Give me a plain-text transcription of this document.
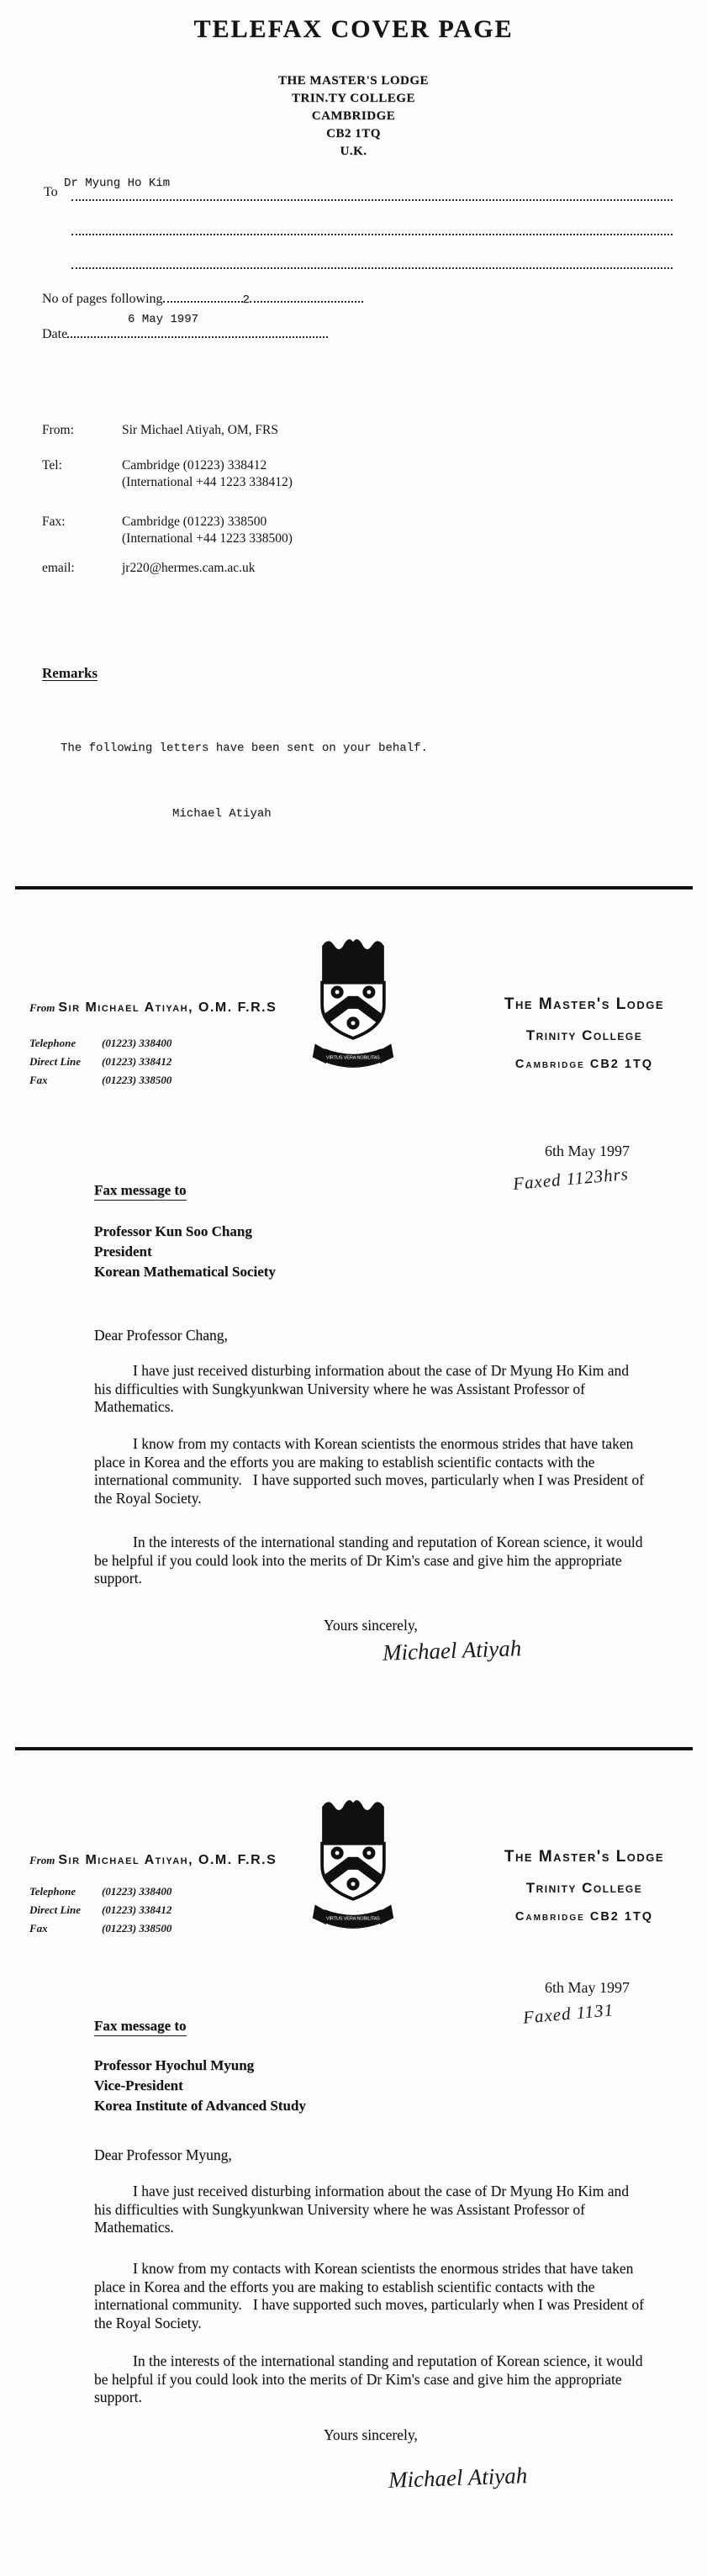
TELEFAX COVER PAGE
THE MASTER'S LODGE
TRIN.TY COLLEGE
CAMBRIDGE
CB2 1TQ
U.K.
To
Dr Myung Ho Kim
No of pages following	2
6 May 1997
Date
From:	Sir Michael Atiyah, OM, FRS
Tel:	Cambridge (01223) 338412
(International +44 1223 338412)
Fax:	Cambridge (01223) 338500
(International +44 1223 338500)
email:	jr220@hermes.cam.ac.uk
Remarks
The following letters have been sent on your behalf.
Michael Atiyah
VIRTUS VERA NOBILITAS
From Sir Michael Atiyah, O.M. F.R.S
Telephone (01223) 338400
Direct Line (01223) 338412
Fax	(01223) 338500
The Master's Lodge
Trinity College
Cambridge CB2 1TQ
6th May 1997
Faxed 1123hrs
Fax message to
Professor Kun Soo Chang
President
Korean Mathematical Society
Dear Professor Chang,

I have just received disturbing information about the case of Dr Myung Ho Kim and his difficulties with Sungkyunkwan University where he was Assistant Professor of Mathematics.

I know from my contacts with Korean scientists the enormous strides that have taken place in Korea and the efforts you are making to establish scientific contacts with the international community.   I have supported such moves, particularly when I was President of the Royal Society.

In the interests of the international standing and reputation of Korean science, it would be helpful if you could look into the merits of Dr Kim's case and give him the appropriate support.

Yours sincerely,
Michael Atiyah
VIRTUS VERA NOBILITAS
From Sir Michael Atiyah, O.M. F.R.S
Telephone (01223) 338400
Direct Line (01223) 338412
Fax	(01223) 338500
The Master's Lodge
Trinity College
Cambridge CB2 1TQ
6th May 1997
Faxed 1131
Fax message to
Professor Hyochul Myung
Vice-President
Korea Institute of Advanced Study
Dear Professor Myung,

I have just received disturbing information about the case of Dr Myung Ho Kim and his difficulties with Sungkyunkwan University where he was Assistant Professor of Mathematics.

I know from my contacts with Korean scientists the enormous strides that have taken place in Korea and the efforts you are making to establish scientific contacts with the international community.   I have supported such moves, particularly when I was President of the Royal Society.

In the interests of the international standing and reputation of Korean science, it would be helpful if you could look into the merits of Dr Kim's case and give him the appropriate support.

Yours sincerely,
Michael Atiyah
